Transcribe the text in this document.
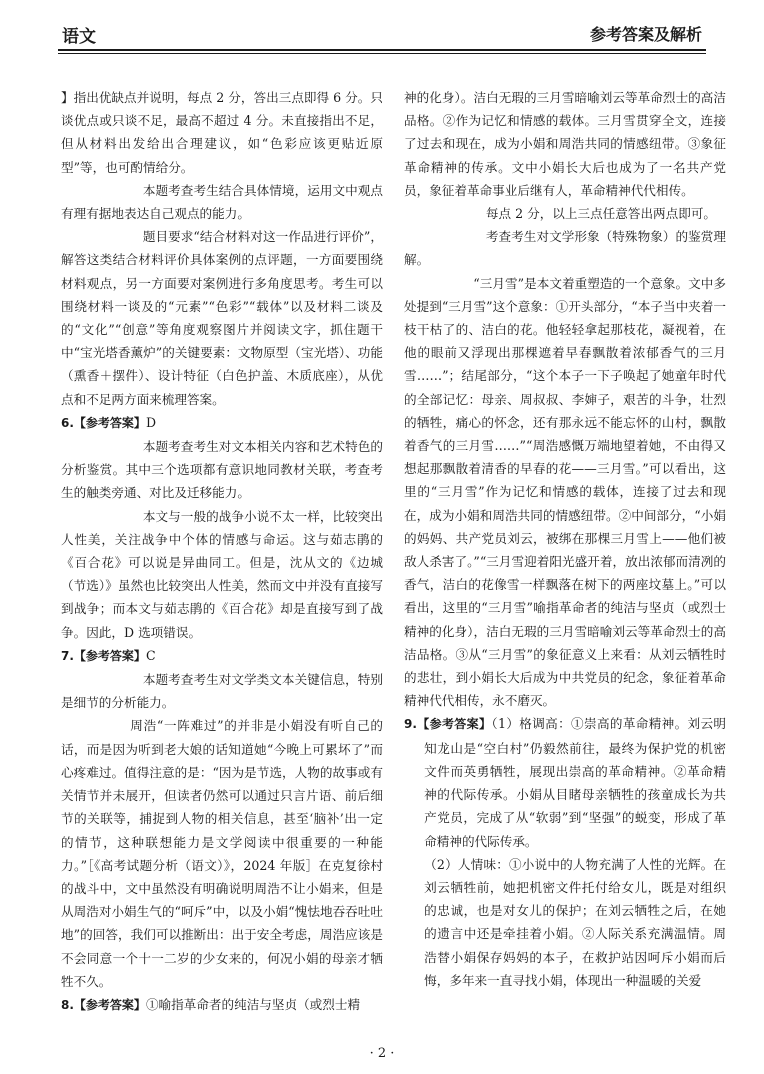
语文	参考答案及解析

】指出优缺点并说明，每点 2 分，答出三点即得 6 分。只谈优点或只谈不足，最高不超过 4 分。未直接指出不足，但从材料出发给出合理建议，如“色彩应该更贴近原型”等，也可酌情给分。

本题考查考生结合具体情境，运用文中观点有理有据地表达自己观点的能力。

题目要求“结合材料对这一作品进行评价”，解答这类结合材料评价具体案例的点评题，一方面要围绕材料观点，另一方面要对案例进行多角度思考。考生可以围绕材料一谈及的“元素”“色彩”“载体”以及材料二谈及的“文化”“创意”等角度观察图片并阅读文字，抓住题干中“宝光塔香薰炉”的关键要素：文物原型（宝光塔）、功能（熏香＋摆件）、设计特征（白色护盖、木质底座），从优点和不足两方面来梳理答案。

6.【参考答案】D

本题考查考生对文本相关内容和艺术特色的分析鉴赏。其中三个选项都有意识地同教材关联，考查考生的触类旁通、对比及迁移能力。

本文与一般的战争小说不太一样，比较突出人性美，关注战争中个体的情感与命运。这与茹志鹃的《百合花》可以说是异曲同工。但是，沈从文的《边城（节选）》虽然也比较突出人性美，然而文中并没有直接写到战争；而本文与茹志鹃的《百合花》却是直接写到了战争。因此，D 选项错误。

7.【参考答案】C

本题考查考生对文学类文本关键信息，特别是细节的分析能力。

周浩“一阵难过”的并非是小娟没有听自己的话，而是因为听到老大娘的话知道她“今晚上可累坏了”而心疼难过。值得注意的是：“因为是节选，人物的故事或有关情节并未展开，但读者仍然可以通过只言片语、前后细节的关联等，捕捉到人物的相关信息，甚至‘脑补’出一定的情节，这种联想能力是文学阅读中很重要的一种能力。”［《高考试题分析（语文）》，2024 年版］在克复徐村的战斗中，文中虽然没有明确说明周浩不让小娟来，但是从周浩对小娟生气的“呵斥”中，以及小娟“愧怯地吞吞吐吐地”的回答，我们可以推断出：出于安全考虑，周浩应该是不会同意一个十一二岁的少女来的，何况小娟的母亲才牺牲不久。

8.【参考答案】①喻指革命者的纯洁与坚贞（或烈士精

神的化身）。洁白无瑕的三月雪暗喻刘云等革命烈士的高洁品格。②作为记忆和情感的载体。三月雪贯穿全文，连接了过去和现在，成为小娟和周浩共同的情感纽带。③象征革命精神的传承。文中小娟长大后也成为了一名共产党员，象征着革命事业后继有人，革命精神代代相传。

每点 2 分，以上三点任意答出两点即可。

考查考生对文学形象（特殊物象）的鉴赏理解。

“三月雪”是本文着重塑造的一个意象。文中多处提到“三月雪”这个意象：①开头部分，“本子当中夹着一枝干枯了的、洁白的花。他轻轻拿起那枝花，凝视着，在他的眼前又浮现出那棵遮着早春飘散着浓郁香气的三月雪……”；结尾部分，“这个本子一下子唤起了她童年时代的全部记忆：母亲、周叔叔、李婶子，艰苦的斗争，壮烈的牺牲，痛心的怀念，还有那永远不能忘怀的山村，飘散着香气的三月雪……”“周浩感慨万端地望着她，不由得又想起那飘散着清香的早春的花——三月雪。”可以看出，这里的“三月雪”作为记忆和情感的载体，连接了过去和现在，成为小娟和周浩共同的情感纽带。②中间部分，“小娟的妈妈、共产党员刘云，被绑在那棵三月雪上——他们被敌人杀害了。”“三月雪迎着阳光盛开着，放出浓郁而清冽的香气，洁白的花像雪一样飘落在树下的两座坟墓上。”可以看出，这里的“三月雪”喻指革命者的纯洁与坚贞（或烈士精神的化身），洁白无瑕的三月雪暗喻刘云等革命烈士的高洁品格。③从“三月雪”的象征意义上来看：从刘云牺牲时的悲壮，到小娟长大后成为中共党员的纪念，象征着革命精神代代相传，永不磨灭。

9.【参考答案】（1）格调高：①崇高的革命精神。刘云明知龙山是“空白村”仍毅然前往，最终为保护党的机密文件而英勇牺牲，展现出崇高的革命精神。②革命精神的代际传承。小娟从目睹母亲牺牲的孩童成长为共产党员，完成了从“软弱”到“坚强”的蜕变，形成了革命精神的代际传承。

（2）人情味：①小说中的人物充满了人性的光辉。在刘云牺牲前，她把机密文件托付给女儿，既是对组织的忠诚，也是对女儿的保护；在刘云牺牲之后，在她的遗言中还是牵挂着小娟。②人际关系充满温情。周浩替小娟保存妈妈的本子，在救护站因呵斥小娟而后悔，多年来一直寻找小娟，体现出一种温暖的关爱

· 2 ·
